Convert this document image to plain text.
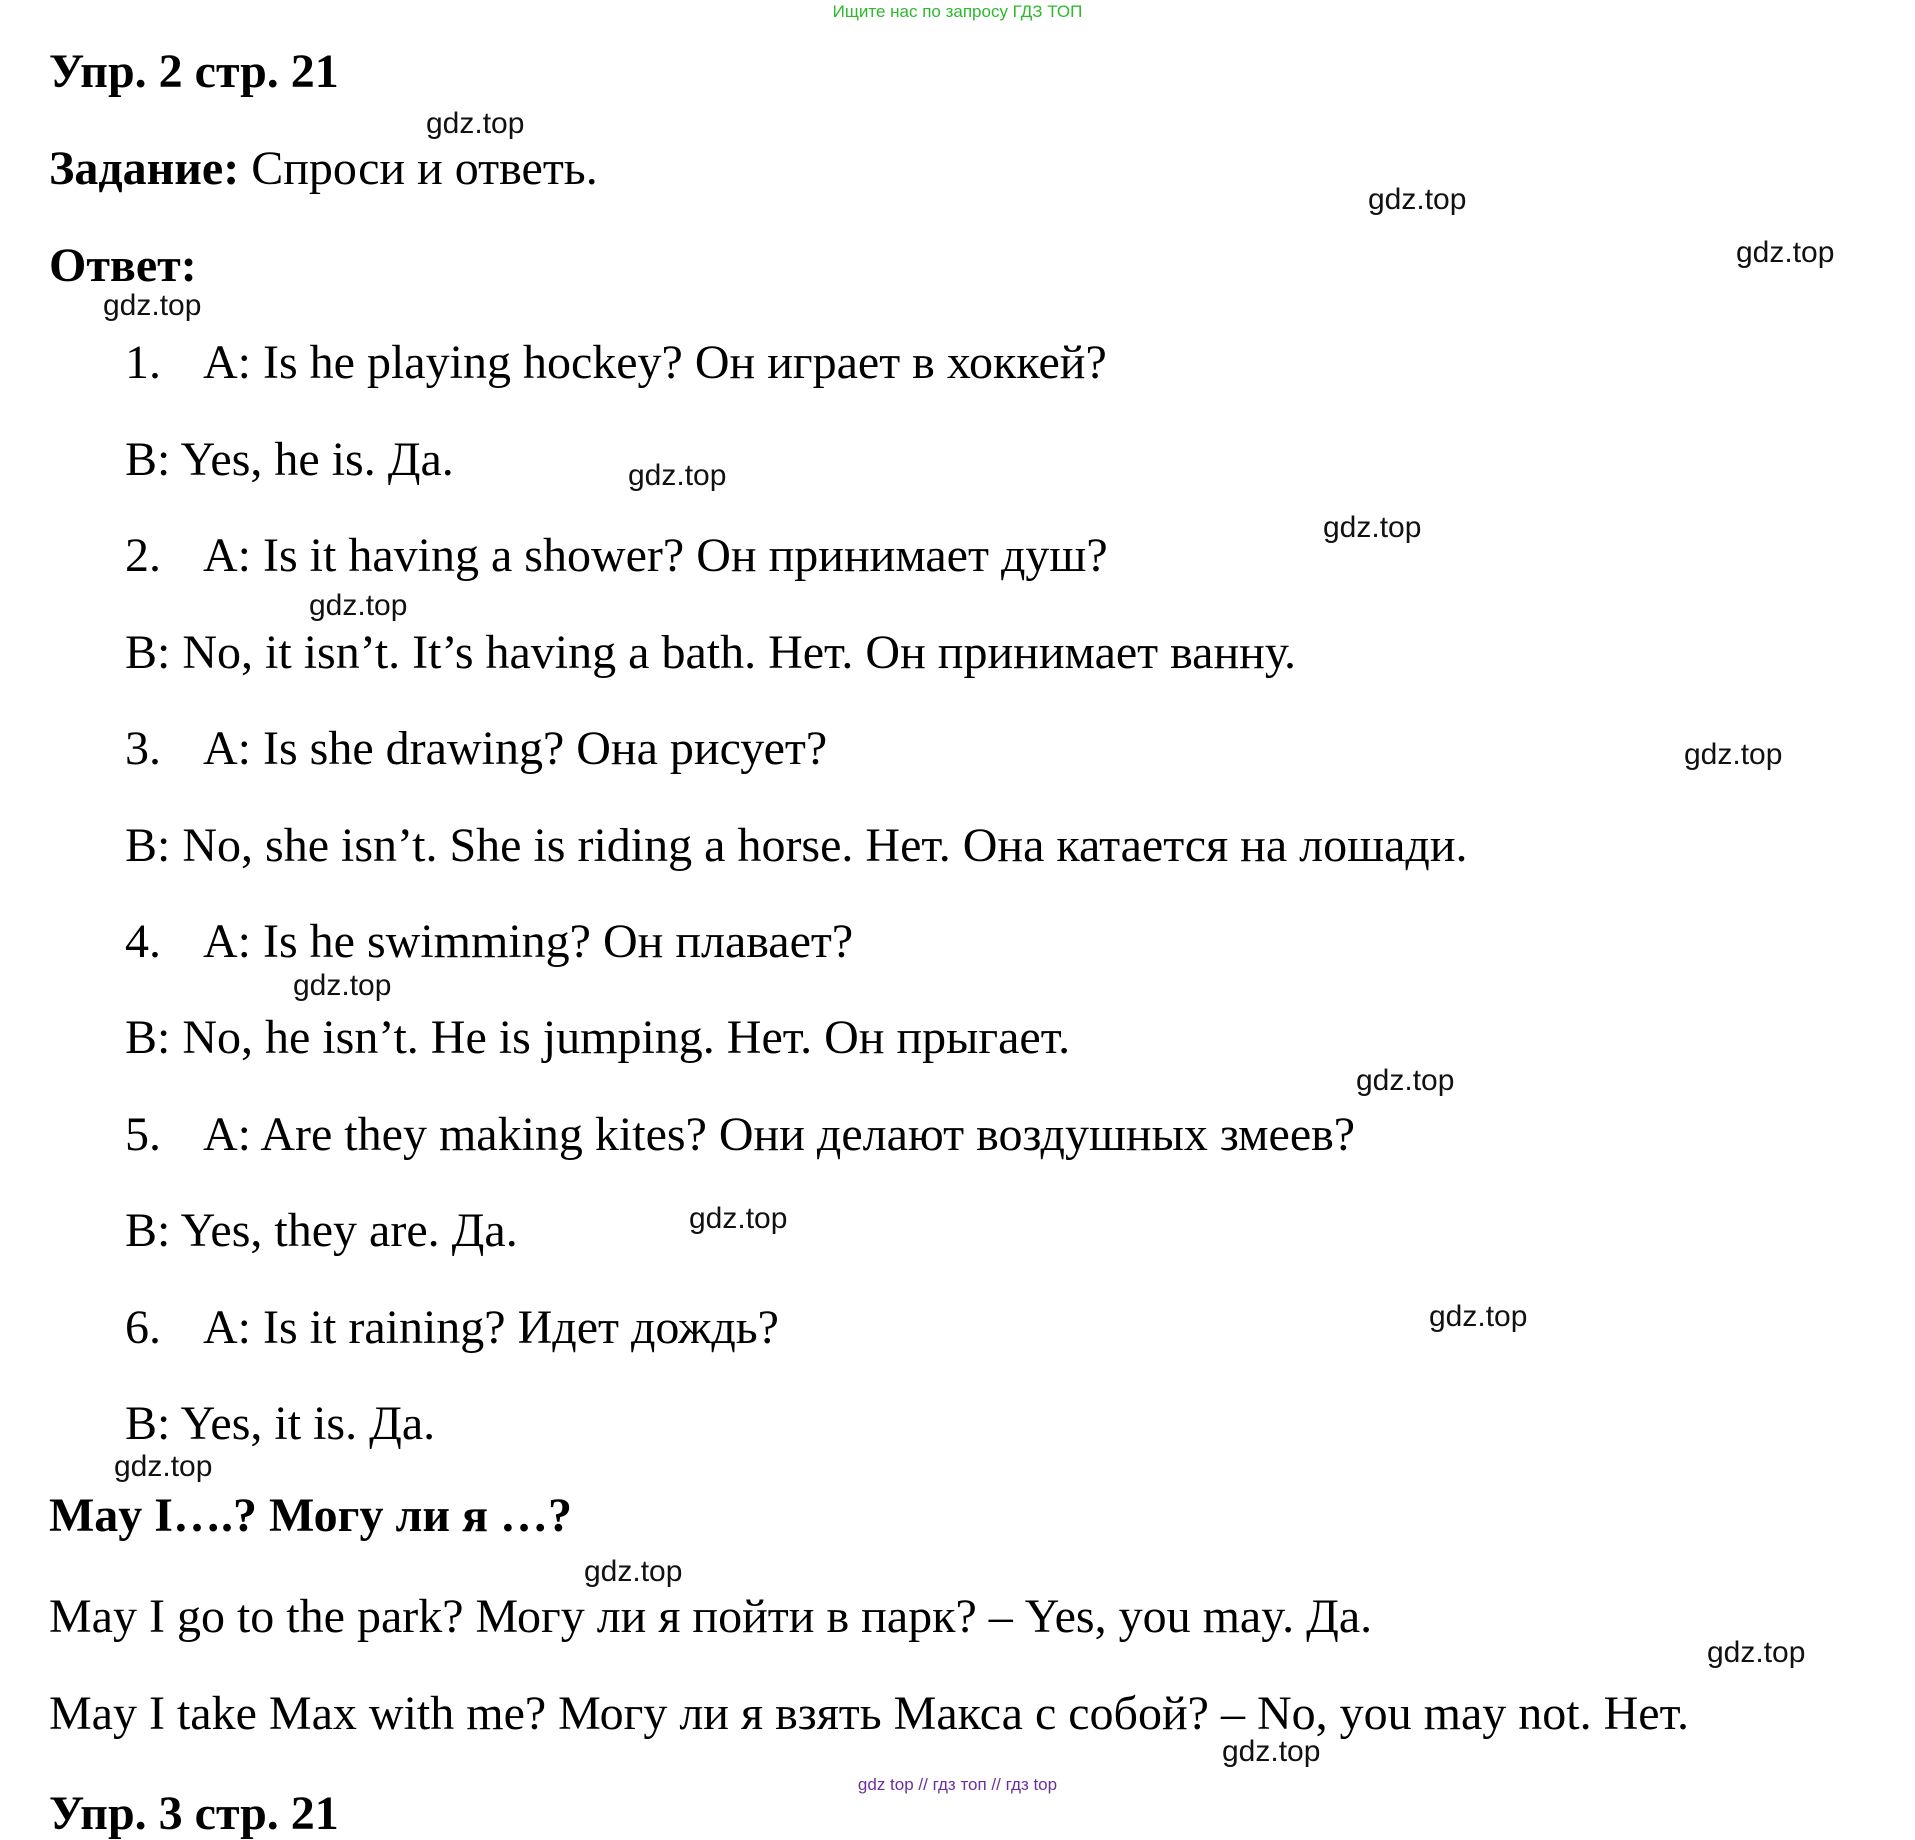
Ищите нас по запросу ГДЗ ТОП
Упр. 2 стр. 21
Задание: Спроси и ответь.
Ответ:
1. A: Is he playing hockey? Он играет в хоккей?
B: Yes, he is. Да.
2. A: Is it having a shower? Он принимает душ?
B: No, it isn’t. It’s having a bath. Нет. Он принимает ванну.
3. A: Is she drawing? Она рисует?
B: No, she isn’t. She is riding a horse. Нет. Она катается на лошади.
4. A: Is he swimming? Он плавает?
B: No, he isn’t. He is jumping. Нет. Он прыгает.
5. A: Are they making kites? Они делают воздушных змеев?
B: Yes, they are. Да.
6. A: Is it raining? Идет дождь?
B: Yes, it is. Да.
May I….? Могу ли я …?
May I go to the park? Могу ли я пойти в парк? – Yes, you may. Да.
May I take Max with me? Могу ли я взять Макса с собой? – No, you may not. Нет.
Упр. 3 стр. 21
gdz.top
gdz.top
gdz.top
gdz.top
gdz.top
gdz.top
gdz.top
gdz.top
gdz.top
gdz.top
gdz.top
gdz.top
gdz.top
gdz.top
gdz.top
gdz.top
gdz top // гдз топ // гдз top
